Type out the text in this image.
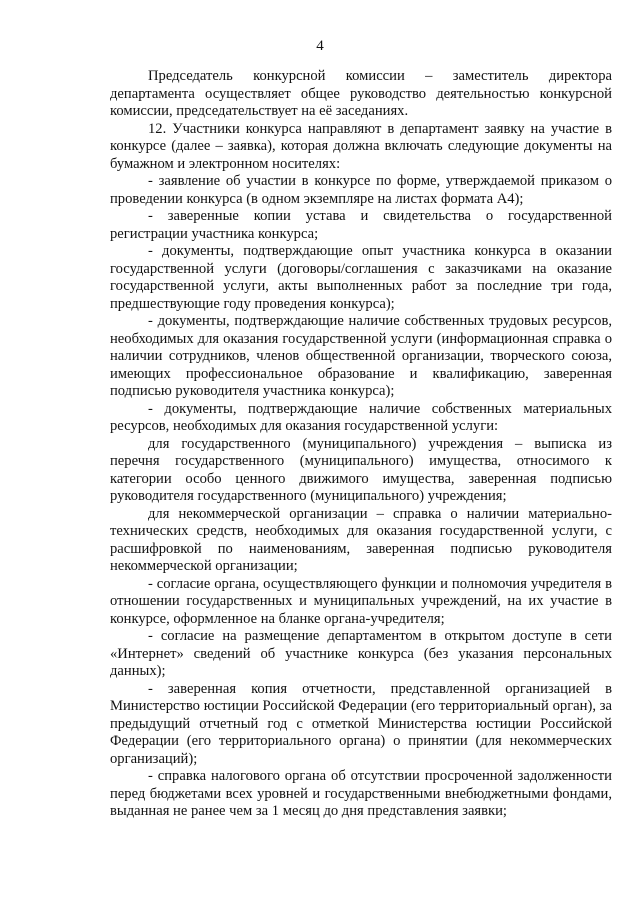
4

Председатель конкурсной комиссии – заместитель директора департамента осуществляет общее руководство деятельностью конкурсной комиссии, председательствует на её заседаниях.

12. Участники конкурса направляют в департамент заявку на участие в конкурсе (далее – заявка), которая должна включать следующие документы на бумажном и электронном носителях:

- заявление об участии в конкурсе по форме, утверждаемой приказом о проведении конкурса (в одном экземпляре на листах формата А4);

- заверенные копии устава и свидетельства о государственной регистрации участника конкурса;

- документы, подтверждающие опыт участника конкурса в оказании государственной услуги (договоры/соглашения с заказчиками на оказание государственной услуги, акты выполненных работ за последние три года, предшествующие году проведения конкурса);

- документы, подтверждающие наличие собственных трудовых ресурсов, необходимых для оказания государственной услуги (информационная справка о наличии сотрудников, членов общественной организации, творческого союза, имеющих профессиональное образование и квалификацию, заверенная подписью руководителя участника конкурса);

- документы, подтверждающие наличие собственных материальных ресурсов, необходимых для оказания государственной услуги:

для государственного (муниципального) учреждения – выписка из перечня государственного (муниципального) имущества, относимого к категории особо ценного движимого имущества, заверенная подписью руководителя государственного (муниципального) учреждения;

для некоммерческой организации – справка о наличии материально-технических средств, необходимых для оказания государственной услуги, с расшифровкой по наименованиям, заверенная подписью руководителя некоммерческой организации;

- согласие органа, осуществляющего функции и полномочия учредителя в отношении государственных и муниципальных учреждений, на их участие в конкурсе, оформленное на бланке органа-учредителя;

- согласие на размещение департаментом в открытом доступе в сети «Интернет» сведений об участнике конкурса (без указания персональных данных);

- заверенная копия отчетности, представленной организацией в Министерство юстиции Российской Федерации (его территориальный орган), за предыдущий отчетный год с отметкой Министерства юстиции Российской Федерации (его территориального органа) о принятии (для некоммерческих организаций);

- справка налогового органа об отсутствии просроченной задолженности перед бюджетами всех уровней и государственными внебюджетными фондами, выданная не ранее чем за 1 месяц до дня представления заявки;
